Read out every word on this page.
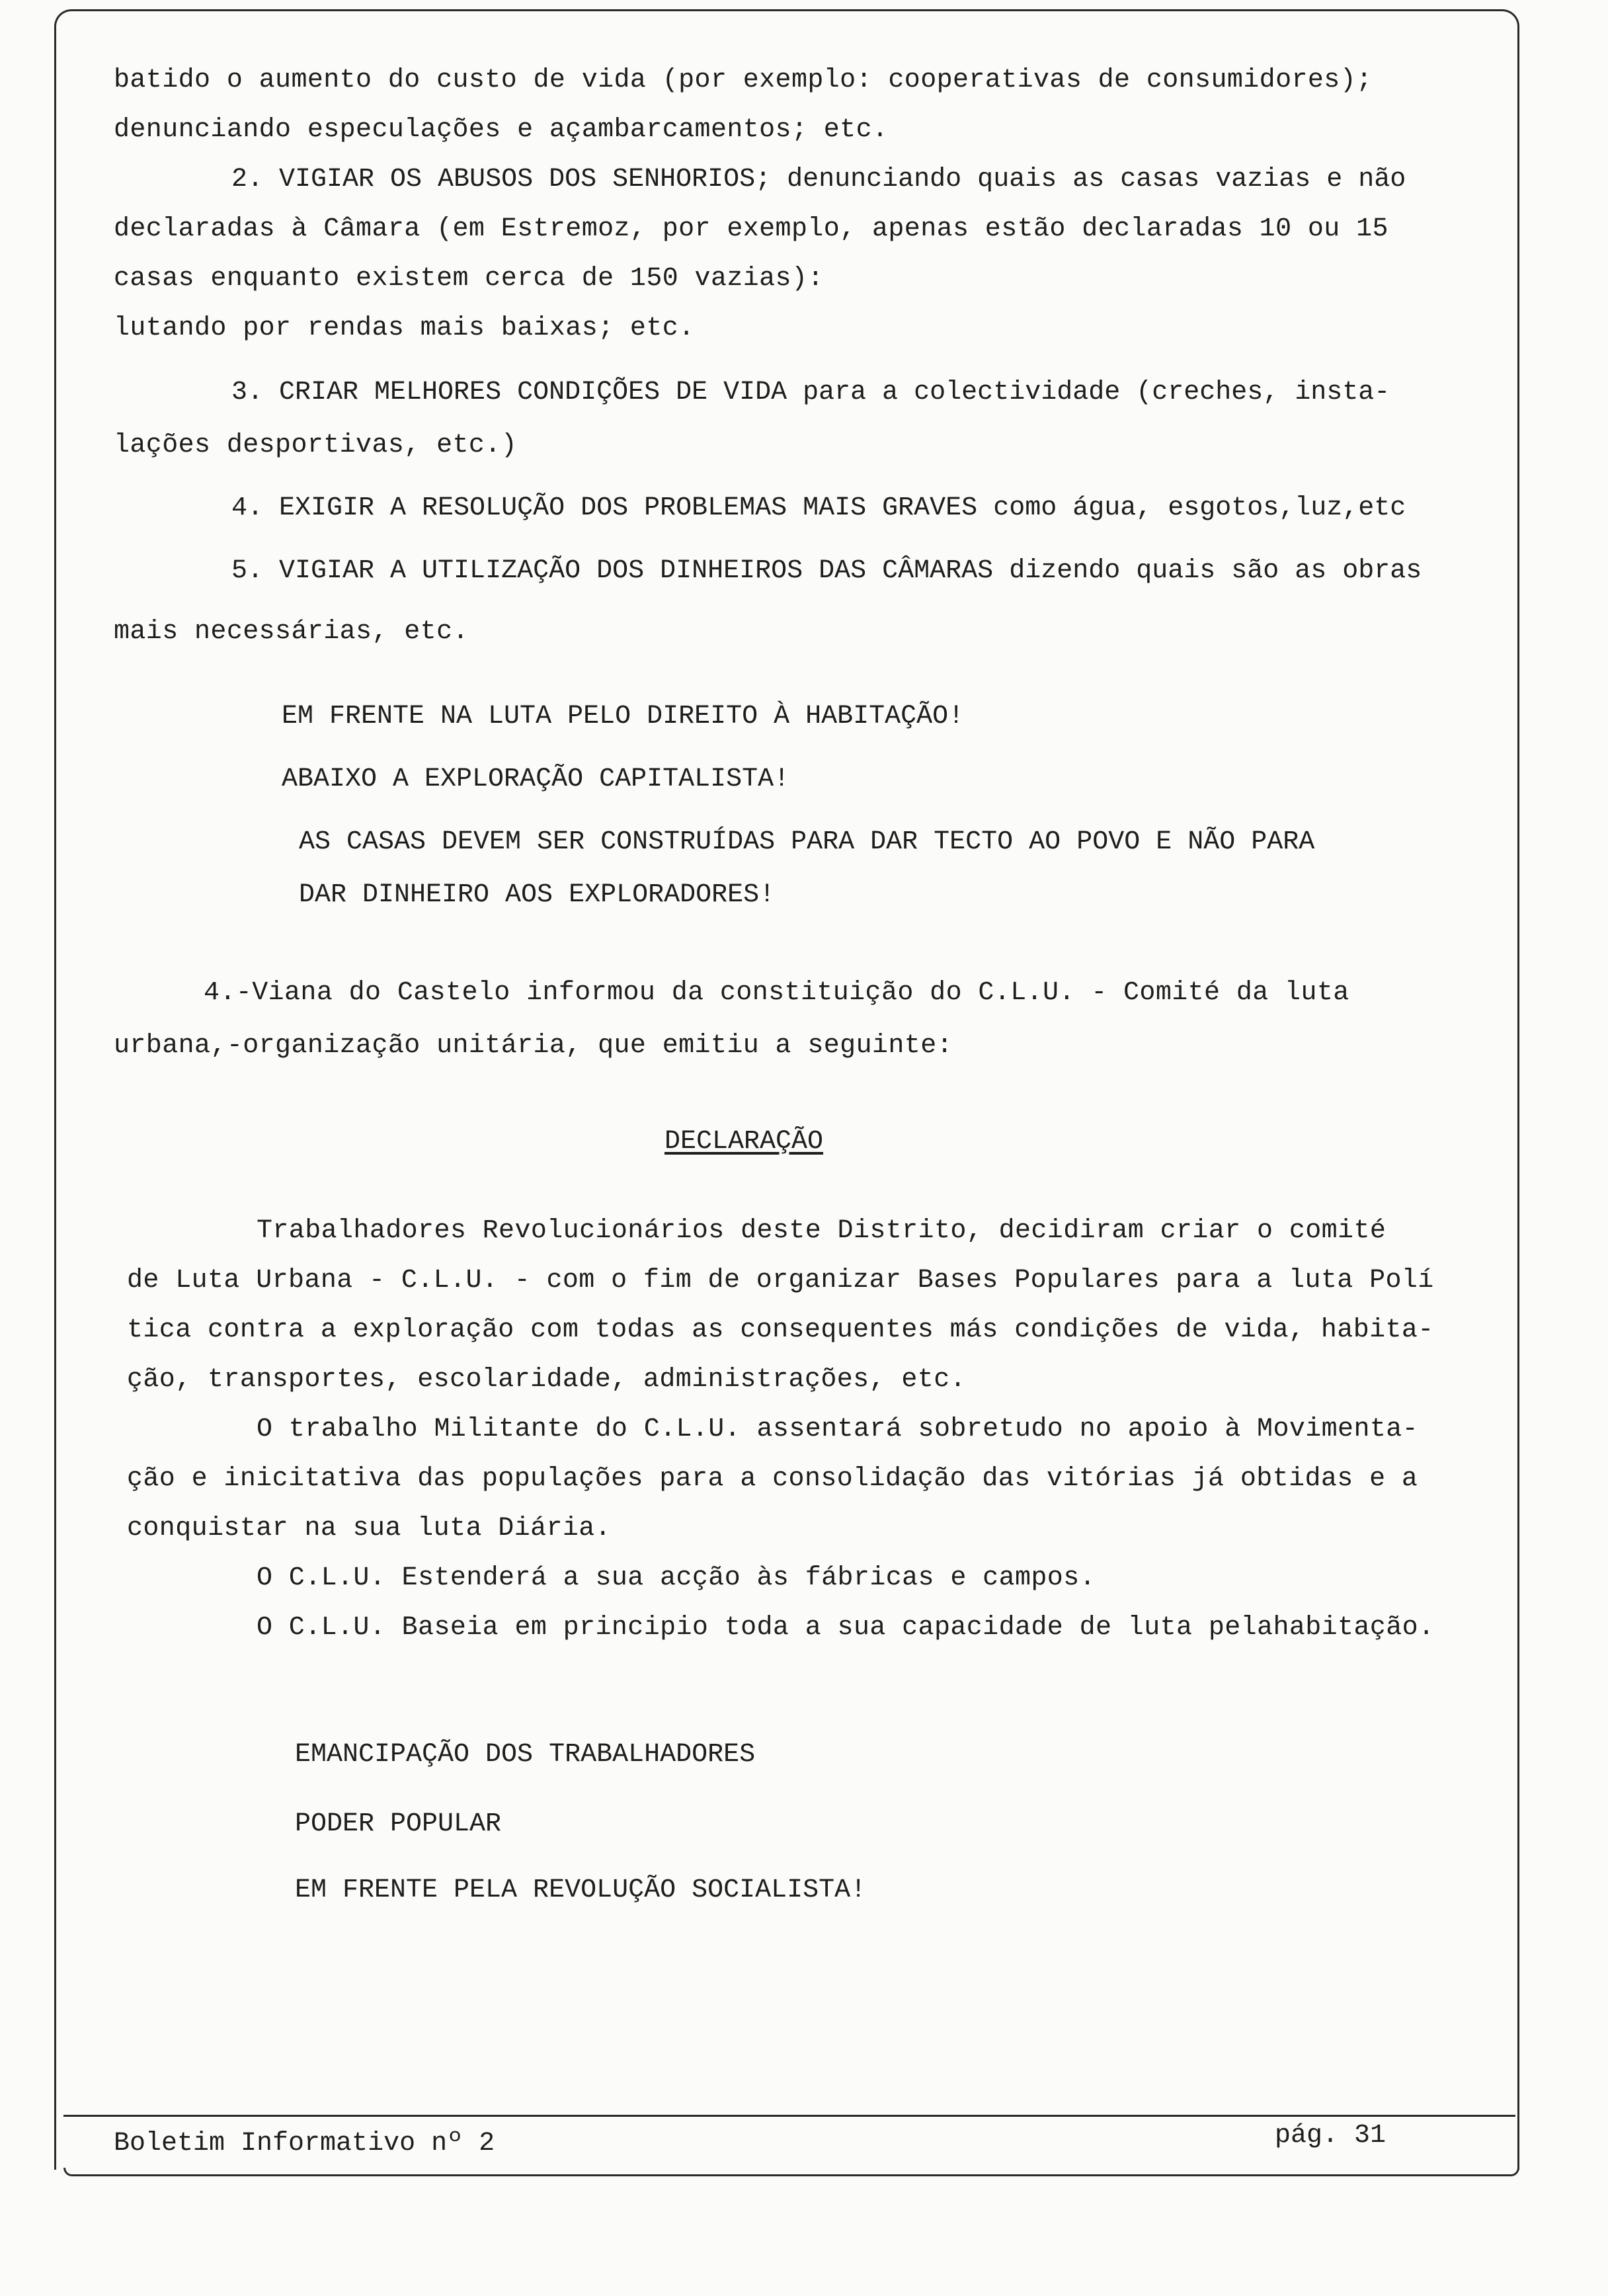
batido o aumento do custo de vida (por exemplo: cooperativas de consumidores);
denunciando especulações e açambarcamentos; etc.
2. VIGIAR OS ABUSOS DOS SENHORIOS; denunciando quais as casas vazias e não
declaradas à Câmara (em Estremoz, por exemplo, apenas estão declaradas 10 ou 15
casas enquanto existem cerca de 150 vazias):
lutando por rendas mais baixas; etc.
3. CRIAR MELHORES CONDIÇÕES DE VIDA para a colectividade (creches, insta-
lações desportivas, etc.)
4. EXIGIR A RESOLUÇÃO DOS PROBLEMAS MAIS GRAVES como água, esgotos,luz,etc
5. VIGIAR A UTILIZAÇÃO DOS DINHEIROS DAS CÂMARAS dizendo quais são as obras
mais necessárias, etc.
EM FRENTE NA LUTA PELO DIREITO À HABITAÇÃO!
ABAIXO A EXPLORAÇÃO CAPITALISTA!
AS CASAS DEVEM SER CONSTRUÍDAS PARA DAR TECTO AO POVO E NÃO PARA
DAR DINHEIRO AOS EXPLORADORES!
4.-Viana do Castelo informou da constituição do C.L.U. - Comité da luta
urbana,-organização unitária, que emitiu a seguinte:
DECLARAÇÃO
Trabalhadores Revolucionários deste Distrito, decidiram criar o comité
de Luta Urbana - C.L.U. - com o fim de organizar Bases Populares para a luta Polí
tica contra a exploração com todas as consequentes más condições de vida, habita-
ção, transportes, escolaridade, administrações, etc.
O trabalho Militante do C.L.U. assentará sobretudo no apoio à Movimenta-
ção e inicitativa das populações para a consolidação das vitórias já obtidas e a
conquistar na sua luta Diária.
O C.L.U. Estenderá a sua acção às fábricas e campos.
O C.L.U. Baseia em principio toda a sua capacidade de luta pelahabitação.
EMANCIPAÇÃO DOS TRABALHADORES
PODER POPULAR
EM FRENTE PELA REVOLUÇÃO SOCIALISTA!
Boletim Informativo nº 2	pág. 31
